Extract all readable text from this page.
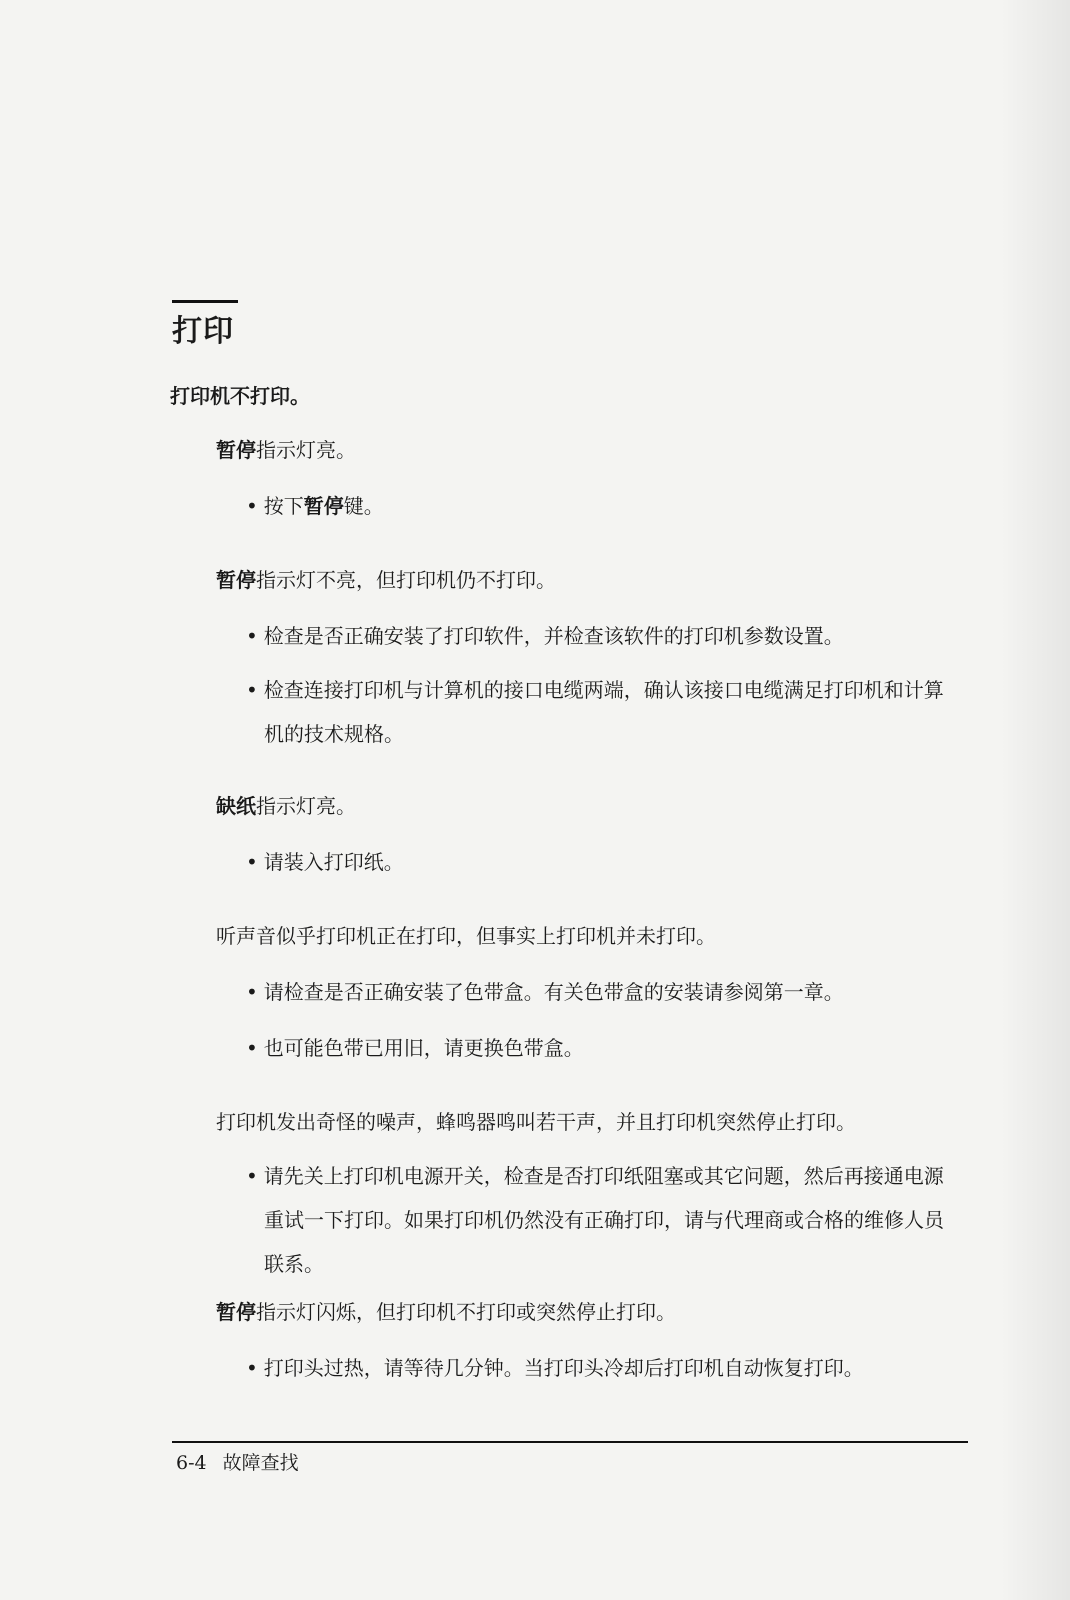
打印

打印机不打印。

暂停指示灯亮。

• 按下暂停键。

暂停指示灯不亮，但打印机仍不打印。

• 检查是否正确安装了打印软件，并检查该软件的打印机参数设置。

• 检查连接打印机与计算机的接口电缆两端，确认该接口电缆满足打印机和计算机的技术规格。

缺纸指示灯亮。

• 请装入打印纸。

听声音似乎打印机正在打印，但事实上打印机并未打印。

• 请检查是否正确安装了色带盒。有关色带盒的安装请参阅第一章。

• 也可能色带已用旧，请更换色带盒。

打印机发出奇怪的噪声，蜂鸣器鸣叫若干声，并且打印机突然停止打印。

• 请先关上打印机电源开关，检查是否打印纸阻塞或其它问题，然后再接通电源重试一下打印。如果打印机仍然没有正确打印，请与代理商或合格的维修人员联系。

暂停指示灯闪烁，但打印机不打印或突然停止打印。

• 打印头过热，请等待几分钟。当打印头冷却后打印机自动恢复打印。

6-4 故障查找
